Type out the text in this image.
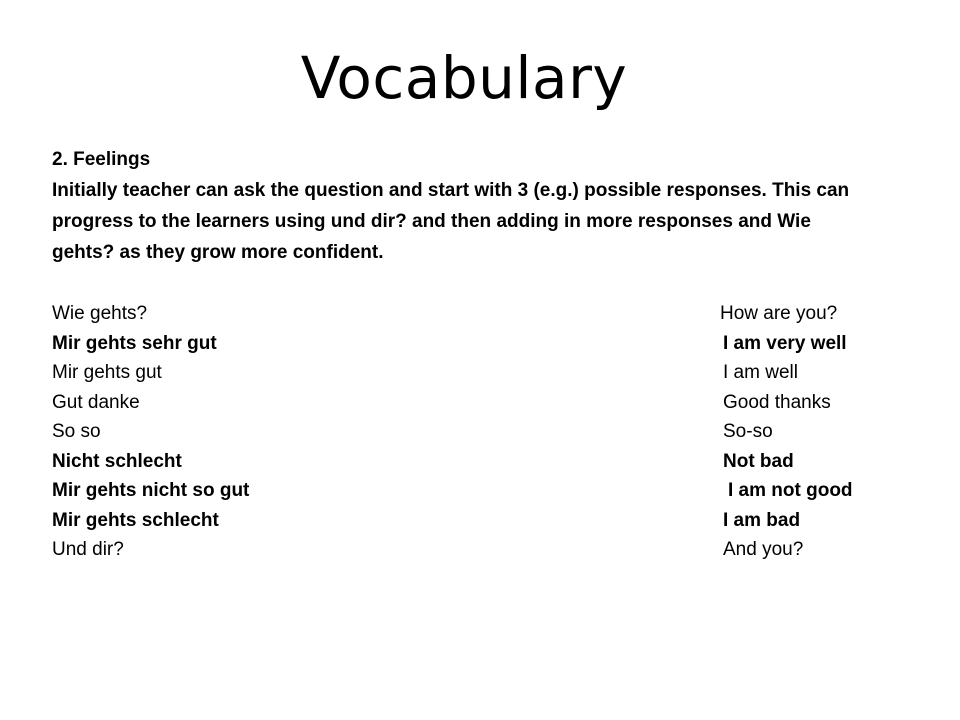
Vocabulary

2. Feelings

Initially teacher can ask the question and start with 3 (e.g.) possible responses. This can
progress to the learners using und dir? and then adding in more responses and Wie
gehts? as they grow more confident.

Wie gehts?	How are you?
Mir gehts sehr gut	I am very well
Mir gehts gut	I am well
Gut danke	Good thanks
So so	So-so
Nicht schlecht	Not bad
Mir gehts nicht so gut	I am not good
Mir gehts schlecht	I am bad
Und dir?	And you?
